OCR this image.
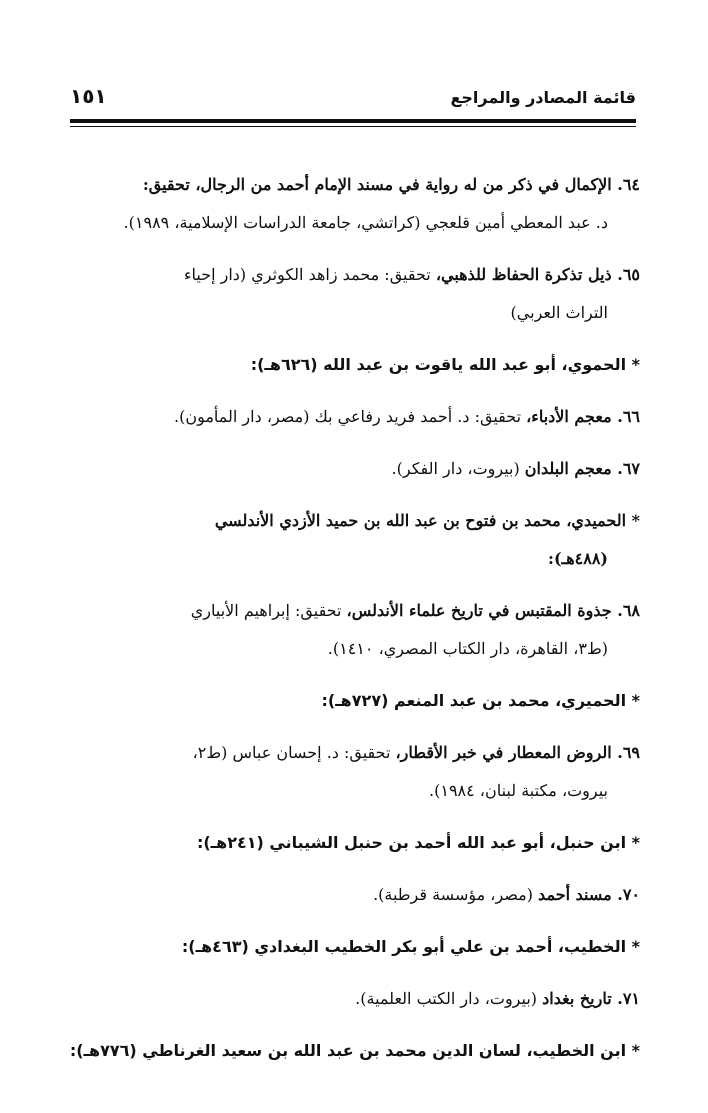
قائمة المصادر والمراجع
١٥١
٦٤. الإكمال في ذكر من له رواية في مسند الإمام أحمد من الرجال، تحقيق:
د. عبد المعطي أمين قلعجي (كراتشي، جامعة الدراسات الإسلامية، ١٩٨٩).
٦٥. ذيل تذكرة الحفاظ للذهبي، تحقيق: محمد زاهد الكوثري (دار إحياء
التراث العربي)
* الحموي، أبو عبد الله ياقوت بن عبد الله (٦٢٦هـ):
٦٦. معجم الأدباء، تحقيق: د. أحمد فريد رفاعي بك (مصر، دار المأمون).
٦٧. معجم البلدان (بيروت، دار الفكر).
* الحميدي، محمد بن فتوح بن عبد الله بن حميد الأزدي الأندلسي
(٤٨٨هـ):
٦٨. جذوة المقتبس في تاريخ علماء الأندلس، تحقيق: إبراهيم الأبياري
(ط٣، القاهرة، دار الكتاب المصري، ١٤١٠).
* الحميري، محمد بن عبد المنعم (٧٢٧هـ):
٦٩. الروض المعطار في خبر الأقطار، تحقيق: د. إحسان عباس (ط٢،
بيروت، مكتبة لبنان، ١٩٨٤).
* ابن حنبل، أبو عبد الله أحمد بن حنبل الشيباني (٢٤١هـ):
٧٠. مسند أحمد (مصر، مؤسسة قرطبة).
* الخطيب، أحمد بن علي أبو بكر الخطيب البغدادي (٤٦٣هـ):
٧١. تاريخ بغداد (بيروت، دار الكتب العلمية).
* ابن الخطيب، لسان الدين محمد بن عبد الله بن سعيد الغرناطي (٧٧٦هـ):
